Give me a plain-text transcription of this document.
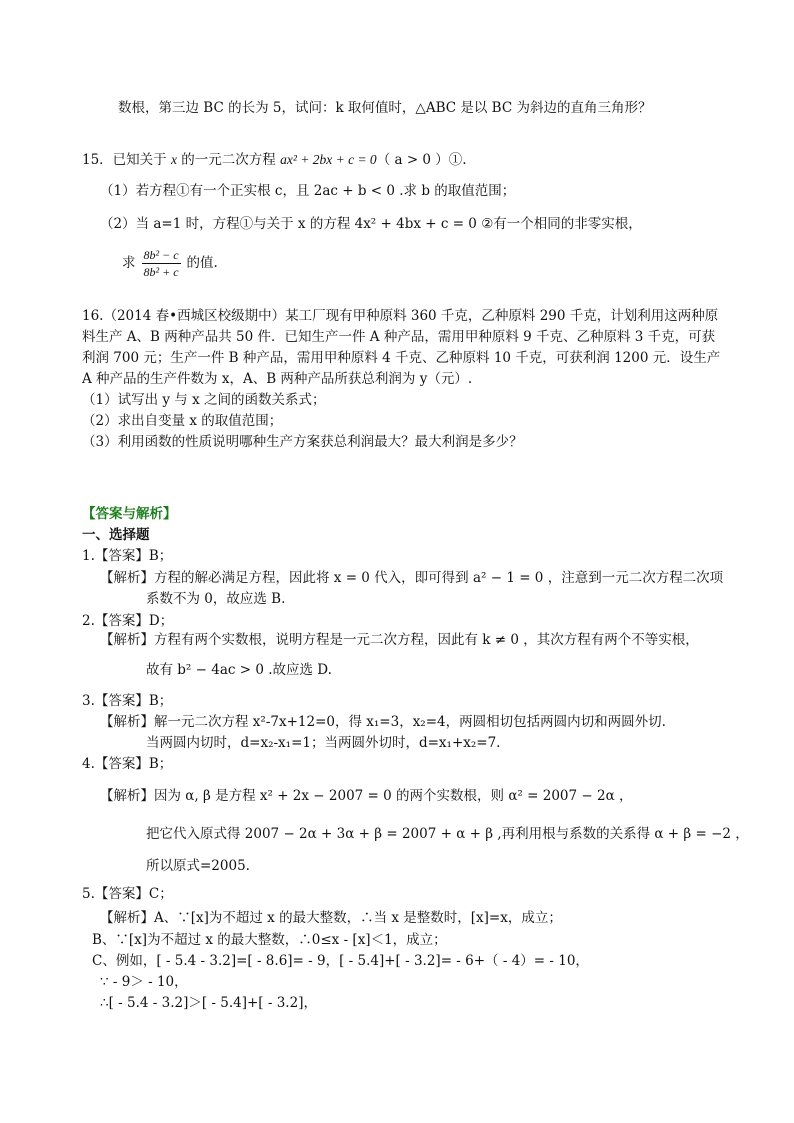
数根，第三边 BC 的长为 5，试问：k 取何值时，△ABC 是以 BC 为斜边的直角三角形？
15．已知关于 x 的一元二次方程 ax² + 2bx + c = 0（ a > 0 ）①.
（1）若方程①有一个正实根 c，且 2ac + b < 0 .求 b 的取值范围；
（2）当 a=1 时，方程①与关于 x 的方程 4x² + 4bx + c = 0 ②有一个相同的非零实根，
求 $\frac{\text{8b² − c}}{\text{8b² + c}}$ 的值.
16.（2014 春•西城区校级期中）某工厂现有甲种原料 360 千克，乙种原料 290 千克，计划利用这两种原
料生产 A、B 两种产品共 50 件．已知生产一件 A 种产品，需用甲种原料 9 千克、乙种原料 3 千克，可获
利润 700 元；生产一件 B 种产品，需用甲种原料 4 千克、乙种原料 10 千克，可获利润 1200 元．设生产
A 种产品的生产件数为 x，A、B 两种产品所获总利润为 y（元）.
（1）试写出 y 与 x 之间的函数关系式；
（2）求出自变量 x 的取值范围；
（3）利用函数的性质说明哪种生产方案获总利润最大？最大利润是多少？
【答案与解析】
一、选择题
1.【答案】B；
【解析】方程的解必满足方程，因此将 x = 0 代入，即可得到 a² − 1 = 0 ，注意到一元二次方程二次项
系数不为 0，故应选 B.
2.【答案】D；
【解析】方程有两个实数根，说明方程是一元二次方程，因此有 k ≠ 0 ，其次方程有两个不等实根，
故有 b² − 4ac > 0 .故应选 D.
3.【答案】B；
【解析】解一元二次方程 x²-7x+12=0，得 x₁=3，x₂=4，两圆相切包括两圆内切和两圆外切.
当两圆内切时，d=x₂-x₁=1；当两圆外切时，d=x₁+x₂=7.
4.【答案】B；
【解析】因为 α, β 是方程 x² + 2x − 2007 = 0 的两个实数根，则 α² = 2007 − 2α ，
把它代入原式得 2007 − 2α + 3α + β = 2007 + α + β ,再利用根与系数的关系得 α + β = −2 ，
所以原式=2005.
5.【答案】C；
【解析】A、∵[x]为不超过 x 的最大整数，∴当 x 是整数时，[x]=x，成立；
B、∵[x]为不超过 x 的最大整数，∴0≤x - [x]＜1，成立；
C、例如，[ - 5.4 - 3.2]=[ - 8.6]= - 9，[ - 5.4]+[ - 3.2]= - 6+（ - 4）= - 10，
∵ - 9＞ - 10，
∴[ - 5.4 - 3.2]＞[ - 5.4]+[ - 3.2]，
